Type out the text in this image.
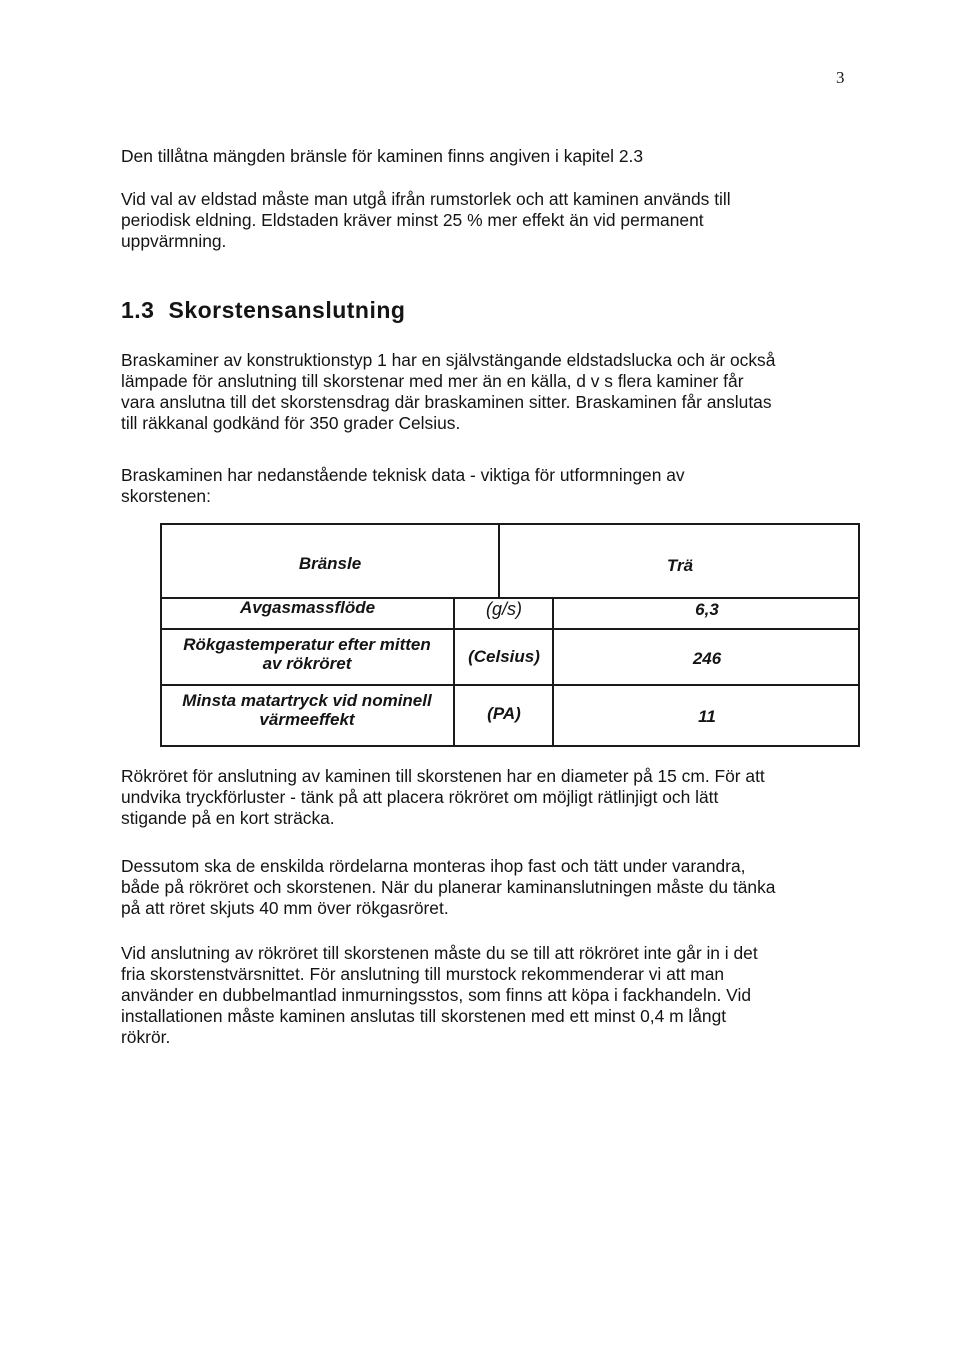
3

Den tillåtna mängden bränsle för kaminen finns angiven i kapitel 2.3

Vid val av eldstad måste man utgå ifrån rumstorlek och att kaminen används till
periodisk eldning. Eldstaden kräver minst 25 % mer effekt än vid permanent
uppvärmning.

1.3 Skorstensanslutning

Braskaminer av konstruktionstyp 1 har en självstängande eldstadslucka och är också
lämpade för anslutning till skorstenar med mer än en källa, d v s flera kaminer får
vara anslutna till det skorstensdrag där braskaminen sitter. Braskaminen får anslutas
till räkkanal godkänd för 350 grader Celsius.

Braskaminen har nedanstående teknisk data - viktiga för utformningen av
skorstenen:

Bränsle	Trä
Avgasmassflöde	(g/s)	6,3
Rökgastemperatur efter mitten av rökröret	(Celsius)	246
Minsta matartryck vid nominell värmeeffekt	(PA)	11

Rökröret för anslutning av kaminen till skorstenen har en diameter på 15 cm. För att
undvika tryckförluster - tänk på att placera rökröret om möjligt rätlinjigt och lätt
stigande på en kort sträcka.

Dessutom ska de enskilda rördelarna monteras ihop fast och tätt under varandra,
både på rökröret och skorstenen. När du planerar kaminanslutningen måste du tänka
på att röret skjuts 40 mm över rökgasröret.

Vid anslutning av rökröret till skorstenen måste du se till att rökröret inte går in i det
fria skorstenstvärsnittet. För anslutning till murstock rekommenderar vi att man
använder en dubbelmantlad inmurningsstos, som finns att köpa i fackhandeln. Vid
installationen måste kaminen anslutas till skorstenen med ett minst 0,4 m långt
rökrör.
